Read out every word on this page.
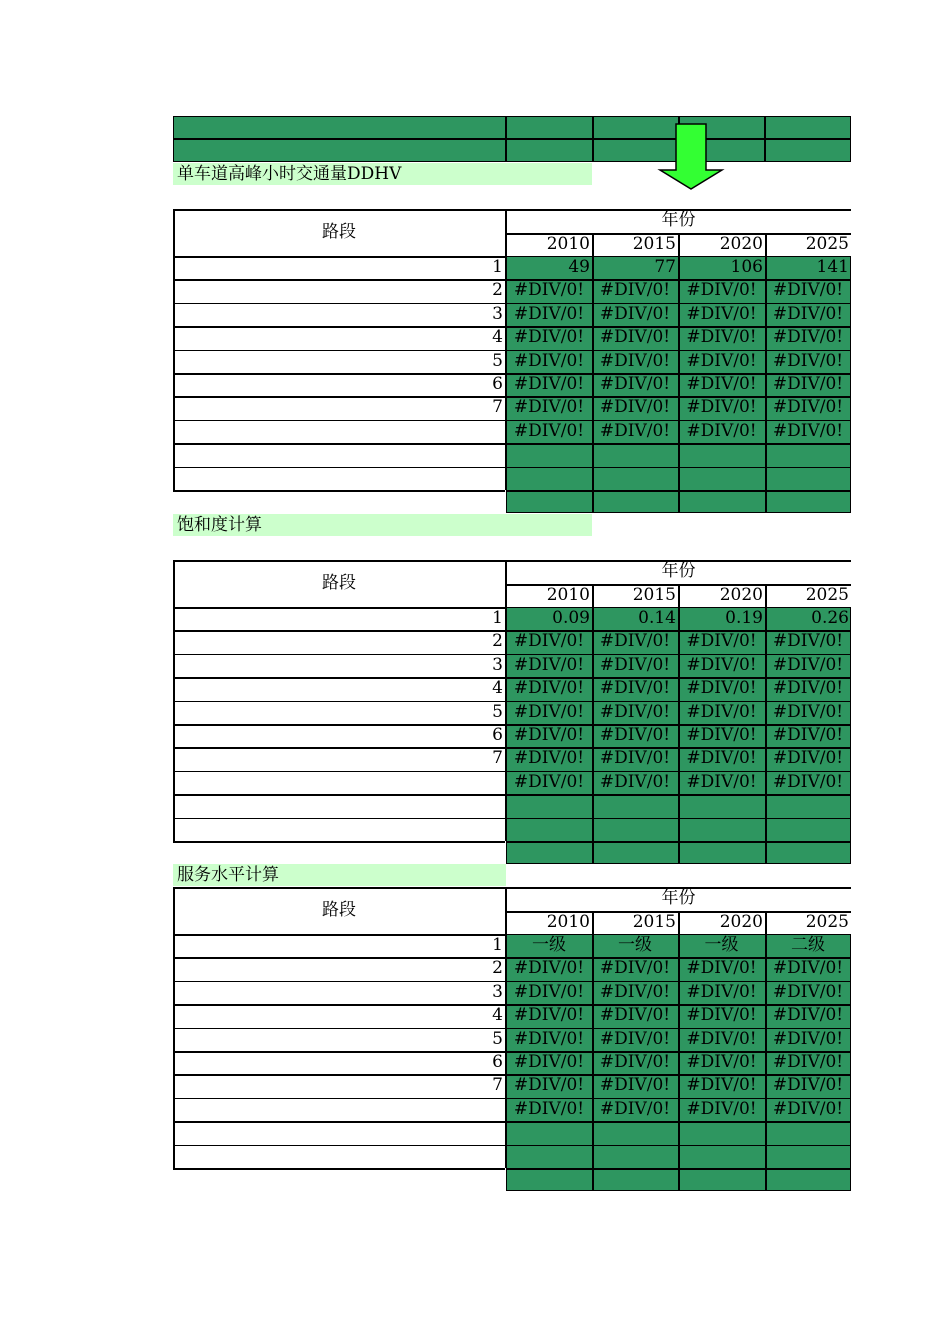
单车道高峰小时交通量DDHV
饱和度计算
服务水平计算
路段
年份
2010	2015	2020	2025
1	49	77	106	141
2 #DIV/0! #DIV/0! #DIV/0! #DIV/0!
3 #DIV/0! #DIV/0! #DIV/0! #DIV/0!
4 #DIV/0! #DIV/0! #DIV/0! #DIV/0!
5 #DIV/0! #DIV/0! #DIV/0! #DIV/0!
6 #DIV/0! #DIV/0! #DIV/0! #DIV/0!
7 #DIV/0! #DIV/0! #DIV/0! #DIV/0!
#DIV/0! #DIV/0! #DIV/0! #DIV/0!
路段
年份
2010	2015	2020	2025
1	0.09	0.14	0.19	0.26
2 #DIV/0! #DIV/0! #DIV/0! #DIV/0!
3 #DIV/0! #DIV/0! #DIV/0! #DIV/0!
4 #DIV/0! #DIV/0! #DIV/0! #DIV/0!
5 #DIV/0! #DIV/0! #DIV/0! #DIV/0!
6 #DIV/0! #DIV/0! #DIV/0! #DIV/0!
7 #DIV/0! #DIV/0! #DIV/0! #DIV/0!
#DIV/0! #DIV/0! #DIV/0! #DIV/0!
路段
年份
2010	2015	2020	2025
1	一级	一级	一级	二级
2 #DIV/0! #DIV/0! #DIV/0! #DIV/0!
3 #DIV/0! #DIV/0! #DIV/0! #DIV/0!
4 #DIV/0! #DIV/0! #DIV/0! #DIV/0!
5 #DIV/0! #DIV/0! #DIV/0! #DIV/0!
6 #DIV/0! #DIV/0! #DIV/0! #DIV/0!
7 #DIV/0! #DIV/0! #DIV/0! #DIV/0!
#DIV/0! #DIV/0! #DIV/0! #DIV/0!
